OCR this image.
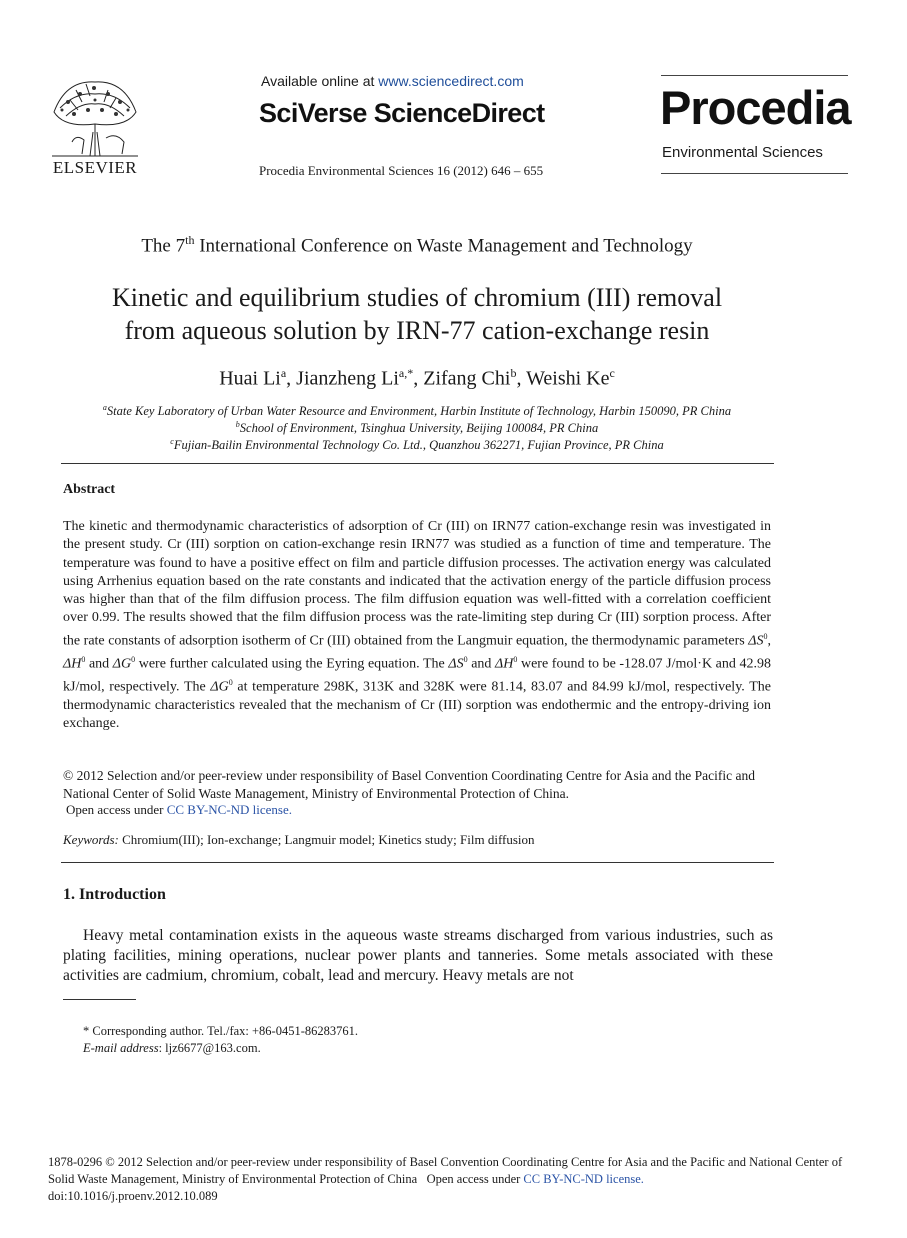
ELSEVIER
Available online at www.sciencedirect.com
SciVerse ScienceDirect
Procedia Environmental Sciences 16 (2012) 646 – 655
Procedia
Environmental Sciences
The 7th International Conference on Waste Management and Technology
Kinetic and equilibrium studies of chromium (III) removal
from aqueous solution by IRN-77 cation-exchange resin
Huai Li$^a$, Jianzheng $Li^{a,*}$, Zifang Chi$^b$, Weishi Ke$^c$
$^a$State Key Laboratory of Urban Water Resource and Environment, Harbin Institute of Technology, Harbin 150090, PR China
$^b$School of Environment, Tsinghua University, Beijing 100084, PR China
$^c$Fujian-Bailin Environmental Technology Co. Ltd., Quanzhou 362271, Fujian Province, PR China
Abstract

The kinetic and thermodynamic characteristics of adsorption of Cr (III) on IRN77 cation-exchange resin was investigated in the present study. Cr (III) sorption on cation-exchange resin IRN77 was studied as a function of time and temperature. The temperature was found to have a positive effect on film and particle diffusion processes. The activation energy was calculated using Arrhenius equation based on the rate constants and indicated that the activation energy of the particle diffusion process was higher than that of the film diffusion process. The film diffusion equation was well-fitted with a correlation coefficient over 0.99. The results showed that the film diffusion process was the rate-limiting step during Cr (III) sorption process. After the rate constants of adsorption isotherm of Cr (III) obtained from the Langmuir equation, the thermodynamic parameters $\Delta S^0$, $\Delta H^0$ and $\Delta G^0$ were further calculated using the Eyring equation. The $\Delta S^0$ and $\Delta H^0$ were found to be -128.07 J/mol·K and 42.98 kJ/mol, respectively. The $\Delta G^0$ at temperature 298K, 313K and 328K were 81.14, 83.07 and 84.99 kJ/mol, respectively. The thermodynamic characteristics revealed that the mechanism of Cr (III) sorption was endothermic and the entropy-driving ion exchange.

© 2012 Selection and/or peer-review under responsibility of Basel Convention Coordinating Centre for Asia and the Pacific and National Center of Solid Waste Management, Ministry of Environmental Protection of China.
Open access under CC BY-NC-ND license.
Keywords: Chromium(III); Ion-exchange; Langmuir model; Kinetics study; Film diffusion
1. Introduction
Heavy metal contamination exists in the aqueous waste streams discharged from various industries, such as plating facilities, mining operations, nuclear power plants and tanneries. Some metals associated with these activities are cadmium, chromium, cobalt, lead and mercury. Heavy metals are not
* Corresponding author. Tel./fax: +86-0451-86283761.
E-mail address: ljz6677@163.com.
1878-0296 © 2012 Selection and/or peer-review under responsibility of Basel Convention Coordinating Centre for Asia and the Pacific and National Center of Solid Waste Management, Ministry of Environmental Protection of China Open access under CC BY-NC-ND license.
doi:10.1016/j.proenv.2012.10.089
